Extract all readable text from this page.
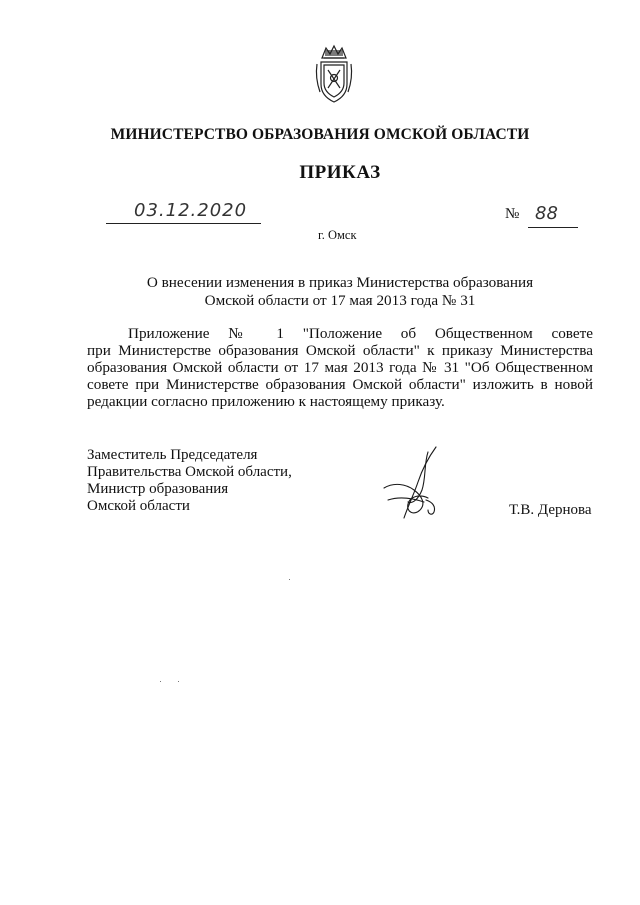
МИНИСТЕРСТВО ОБРАЗОВАНИЯ ОМСКОЙ ОБЛАСТИ
ПРИКАЗ
03.12.2020	№ 88
г. Омск
О внесении изменения в приказ Министерства образования
Омской области от 17 мая 2013 года № 31
Приложение № 1 "Положение об Общественном совете
при Министерстве образования Омской области" к приказу Министерства
образования Омской области от 17 мая 2013 года № 31 "Об Общественном
совете при Министерстве образования Омской области" изложить в новой
редакции согласно приложению к настоящему приказу.
Заместитель Председателя
Правительства Омской области,
Министр образования
Омской области	Т.В. Дернова
